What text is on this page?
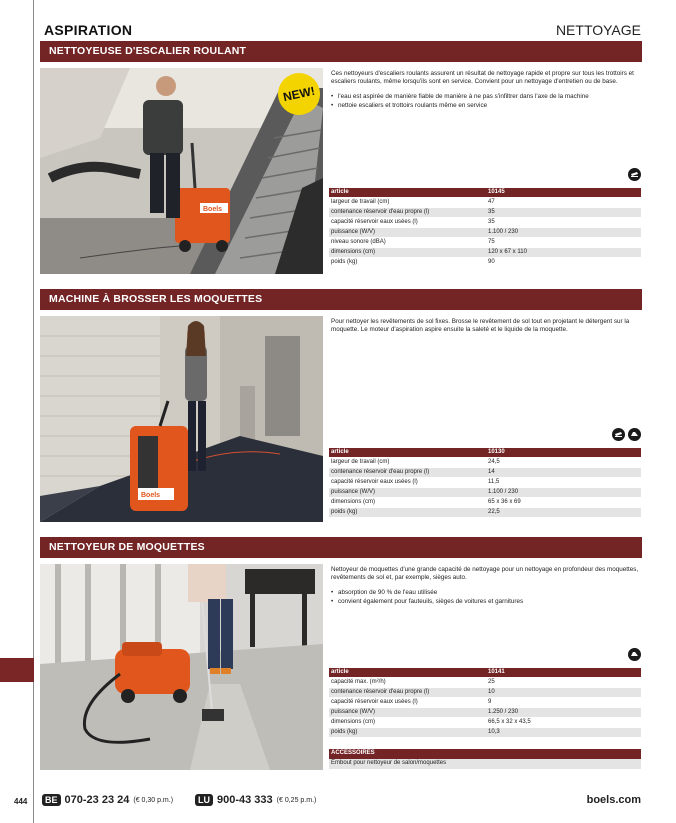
ASPIRATION	NETTOYAGE
NETTOYEUSE D'ESCALIER ROULANT
Boels
NEW!

Ces nettoyeurs d'escaliers roulants assurent un résultat de nettoyage rapide et propre sur tous les trottoirs et escaliers roulants, même lorsqu'ils sont en service. Convient pour un nettoyage d'entretien ou de base.

• l'eau est aspirée de manière fiable de manière à ne pas s'infiltrer dans l'axe de la machine
• nettoie escaliers et trottoirs roulants même en service
article	10145
largeur de travail (cm)	47
contenance réservoir d'eau propre (l)	35
capacité réservoir eaux usées (l)	35
puissance (W/V)	1.100 / 230
niveau sonore (dBA)	75
dimensions (cm)	120 x 67 x 110
poids (kg)	90
MACHINE À BROSSER LES MOQUETTES
Boels

Pour nettoyer les revêtements de sol fixes. Brosse le revêtement de sol tout en projetant le détergent sur la moquette. Le moteur d'aspiration aspire ensuite la saleté et le liquide de la moquette.

article	10130
largeur de travail (cm)	24,5
contenance réservoir d'eau propre (l)	14
capacité réservoir eaux usées (l)	11,5
puissance (W/V)	1.100 / 230
dimensions (cm)	65 x 36 x 69
poids (kg)	22,5
NETTOYEUR DE MOQUETTES

Nettoyeur de moquettes d'une grande capacité de nettoyage pour un nettoyage en profondeur des moquettes, revêtements de sol et, par exemple, sièges auto.

• absorption de 90 % de l'eau utilisée
• convient également pour fauteuils, sièges de voitures et garnitures
article	10141
capacité max. (m²/h)	25
contenance réservoir d'eau propre (l)	10
capacité réservoir eaux usées (l)	9
puissance (W/V)	1.250 / 230
dimensions (cm)	66,5 x 32 x 43,5
poids (kg)	10,3
ACCESSOIRES
Embout pour nettoyeur de salon/moquettes
444	BE 070-23 23 24 (€ 0,30 p.m.)	LU 900-43 333 (€ 0,25 p.m.)	boels.com
